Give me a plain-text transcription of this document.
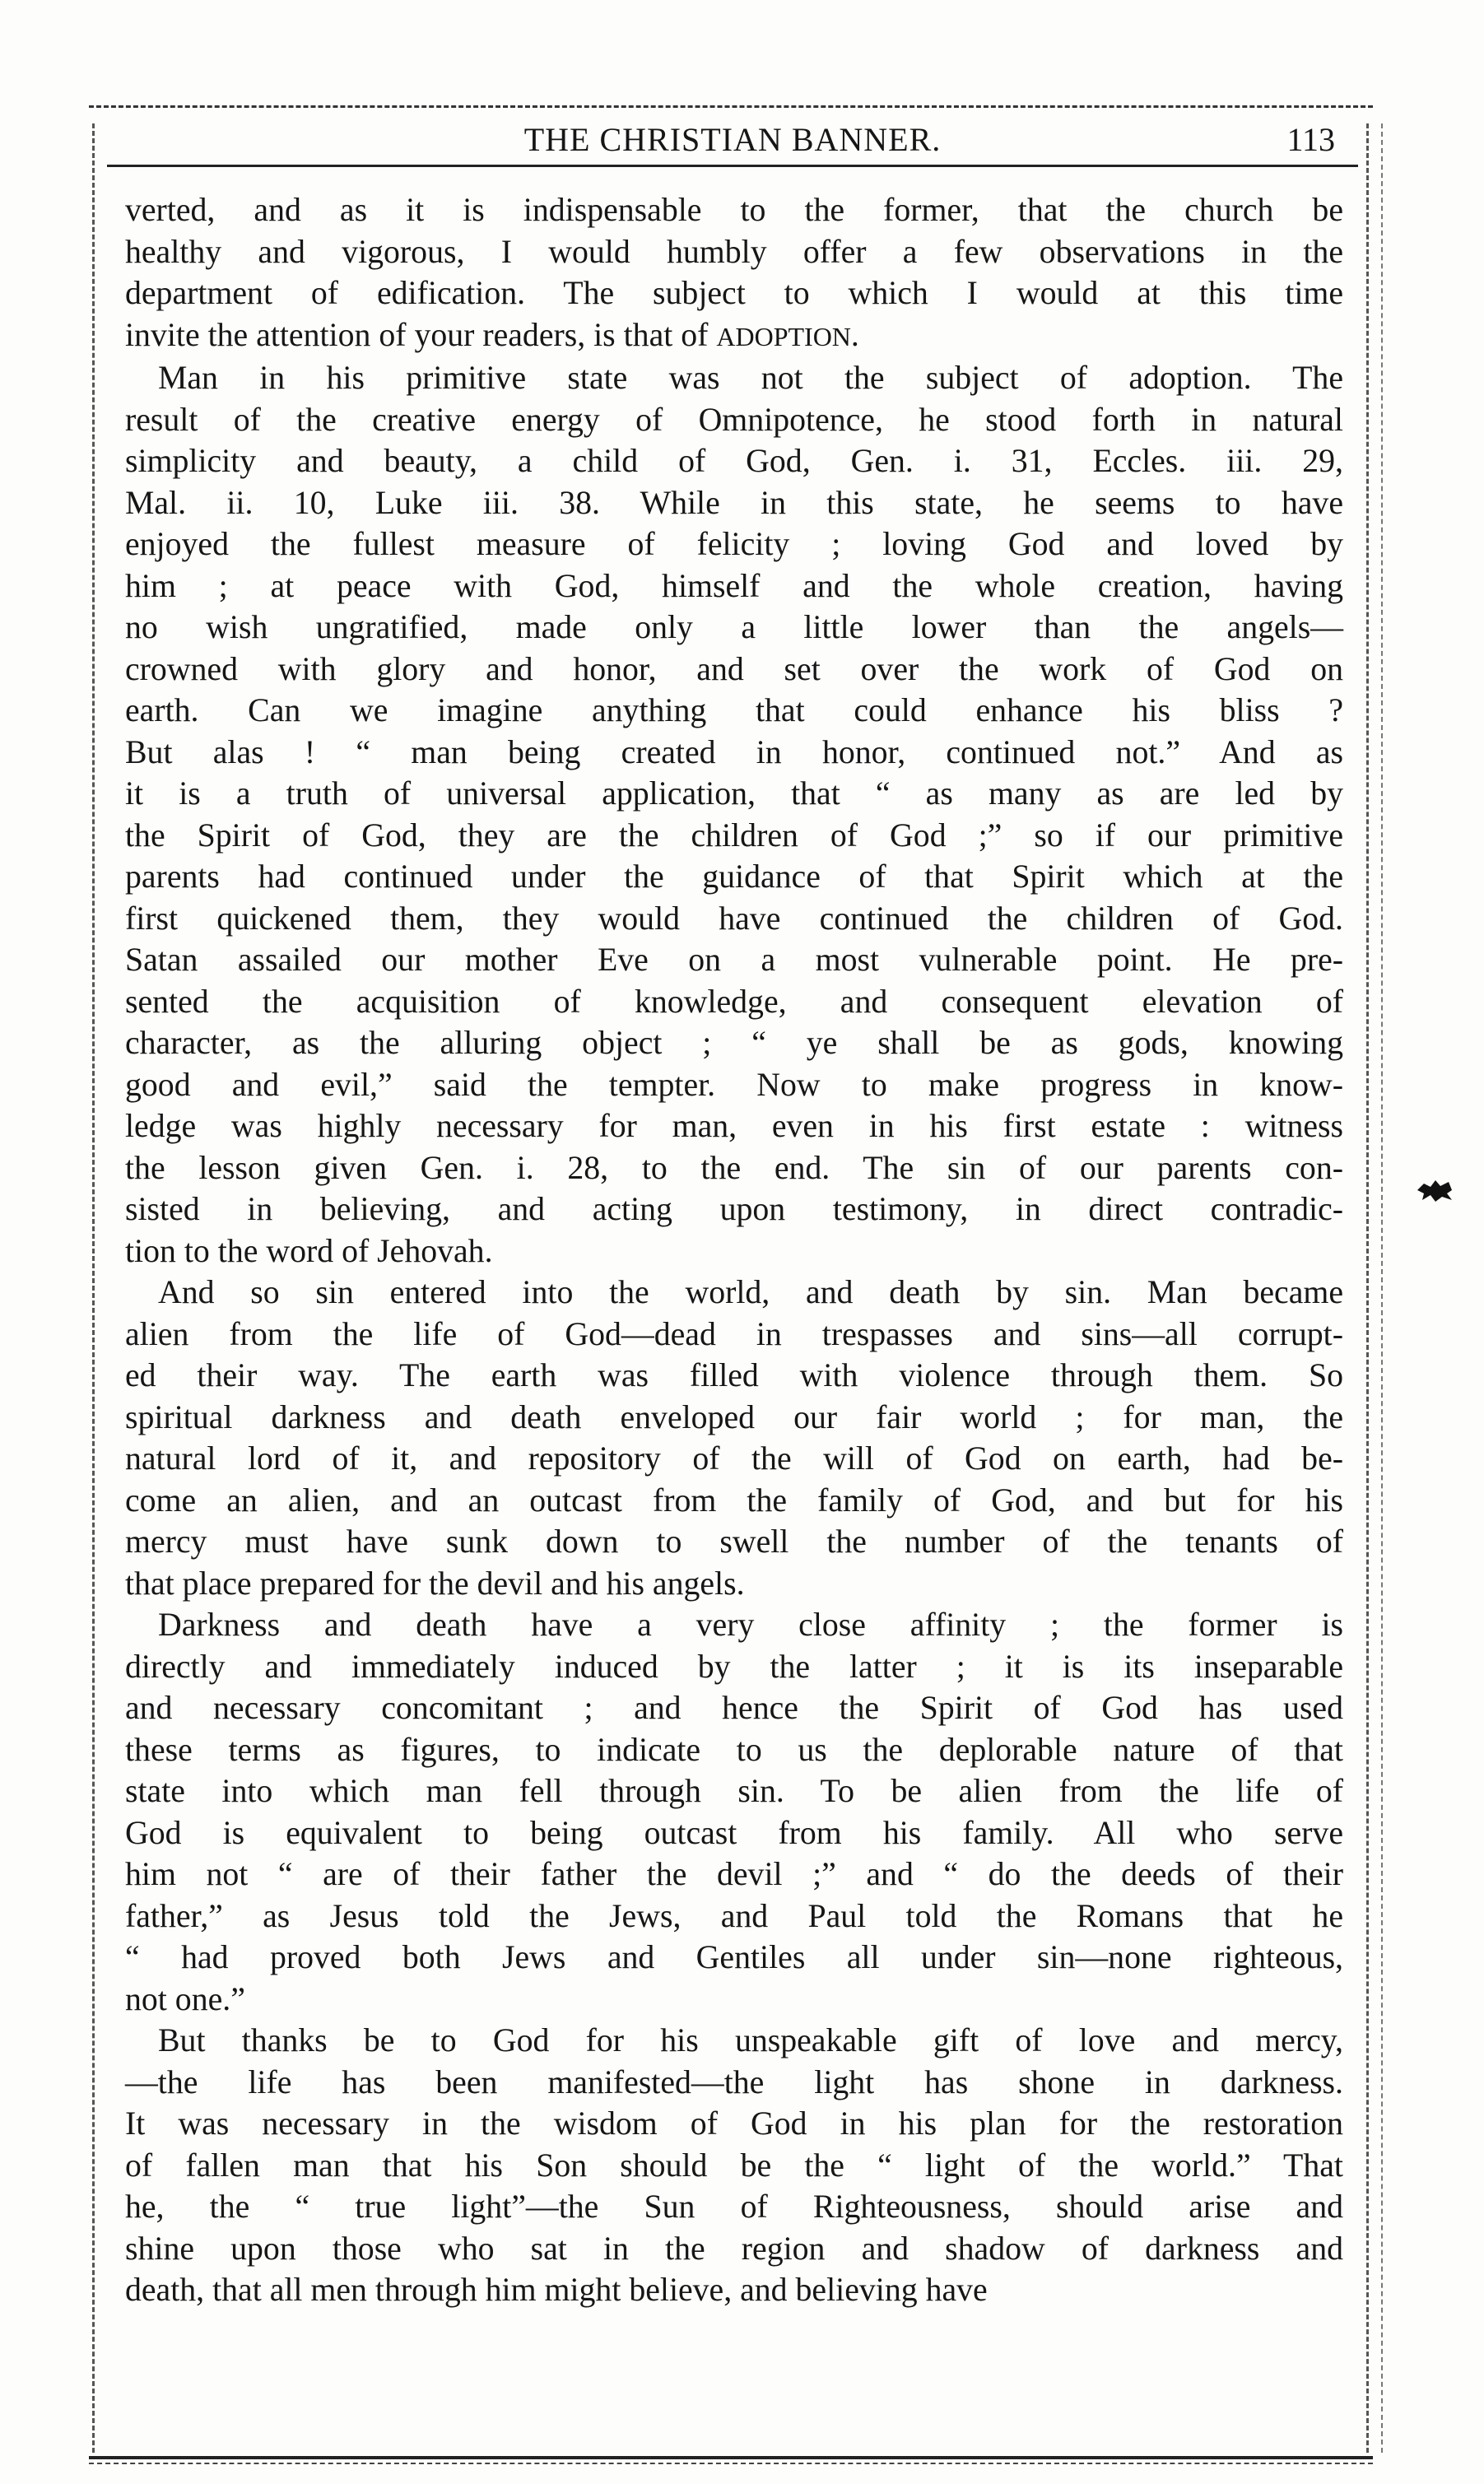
THE CHRISTIAN BANNER.	113
verted, and as it is indispensable to the former, that the church be
healthy and vigorous, I would humbly offer a few observations in the
department of edification. The subject to which I would at this time
invite the attention of your readers, is that of ADOPTION.
Man in his primitive state was not the subject of adoption. The
result of the creative energy of Omnipotence, he stood forth in natural
simplicity and beauty, a child of God, Gen. i. 31, Eccles. iii. 29,
Mal. ii. 10, Luke iii. 38. While in this state, he seems to have
enjoyed the fullest measure of felicity ; loving God and loved by
him ; at peace with God, himself and the whole creation, having
no wish ungratified, made only a little lower than the angels—
crowned with glory and honor, and set over the work of God on
earth. Can we imagine anything that could enhance his bliss ?
But alas ! “ man being created in honor, continued not.” And as
it is a truth of universal application, that “ as many as are led by
the Spirit of God, they are the children of God ;” so if our primitive
parents had continued under the guidance of that Spirit which at the
first quickened them, they would have continued the children of God.
Satan assailed our mother Eve on a most vulnerable point. He pre-
sented the acquisition of knowledge, and consequent elevation of
character, as the alluring object ; “ ye shall be as gods, knowing
good and evil,” said the tempter. Now to make progress in know-
ledge was highly necessary for man, even in his first estate : witness
the lesson given Gen. i. 28, to the end. The sin of our parents con-
sisted in believing, and acting upon testimony, in direct contradic-
tion to the word of Jehovah.
And so sin entered into the world, and death by sin. Man became
alien from the life of God—dead in trespasses and sins—all corrupt-
ed their way. The earth was filled with violence through them. So
spiritual darkness and death enveloped our fair world ; for man, the
natural lord of it, and repository of the will of God on earth, had be-
come an alien, and an outcast from the family of God, and but for his
mercy must have sunk down to swell the number of the tenants of
that place prepared for the devil and his angels.
Darkness and death have a very close affinity ; the former is
directly and immediately induced by the latter ; it is its inseparable
and necessary concomitant ; and hence the Spirit of God has used
these terms as figures, to indicate to us the deplorable nature of that
state into which man fell through sin. To be alien from the life of
God is equivalent to being outcast from his family. All who serve
him not “ are of their father the devil ;” and “ do the deeds of their
father,” as Jesus told the Jews, and Paul told the Romans that he
“ had proved both Jews and Gentiles all under sin—none righteous,
not one.”
But thanks be to God for his unspeakable gift of love and mercy,
—the life has been manifested—the light has shone in darkness.
It was necessary in the wisdom of God in his plan for the restoration
of fallen man that his Son should be the “ light of the world.” That
he, the “ true light”—the Sun of Righteousness, should arise and
shine upon those who sat in the region and shadow of darkness and
death, that all men through him might believe, and believing have
